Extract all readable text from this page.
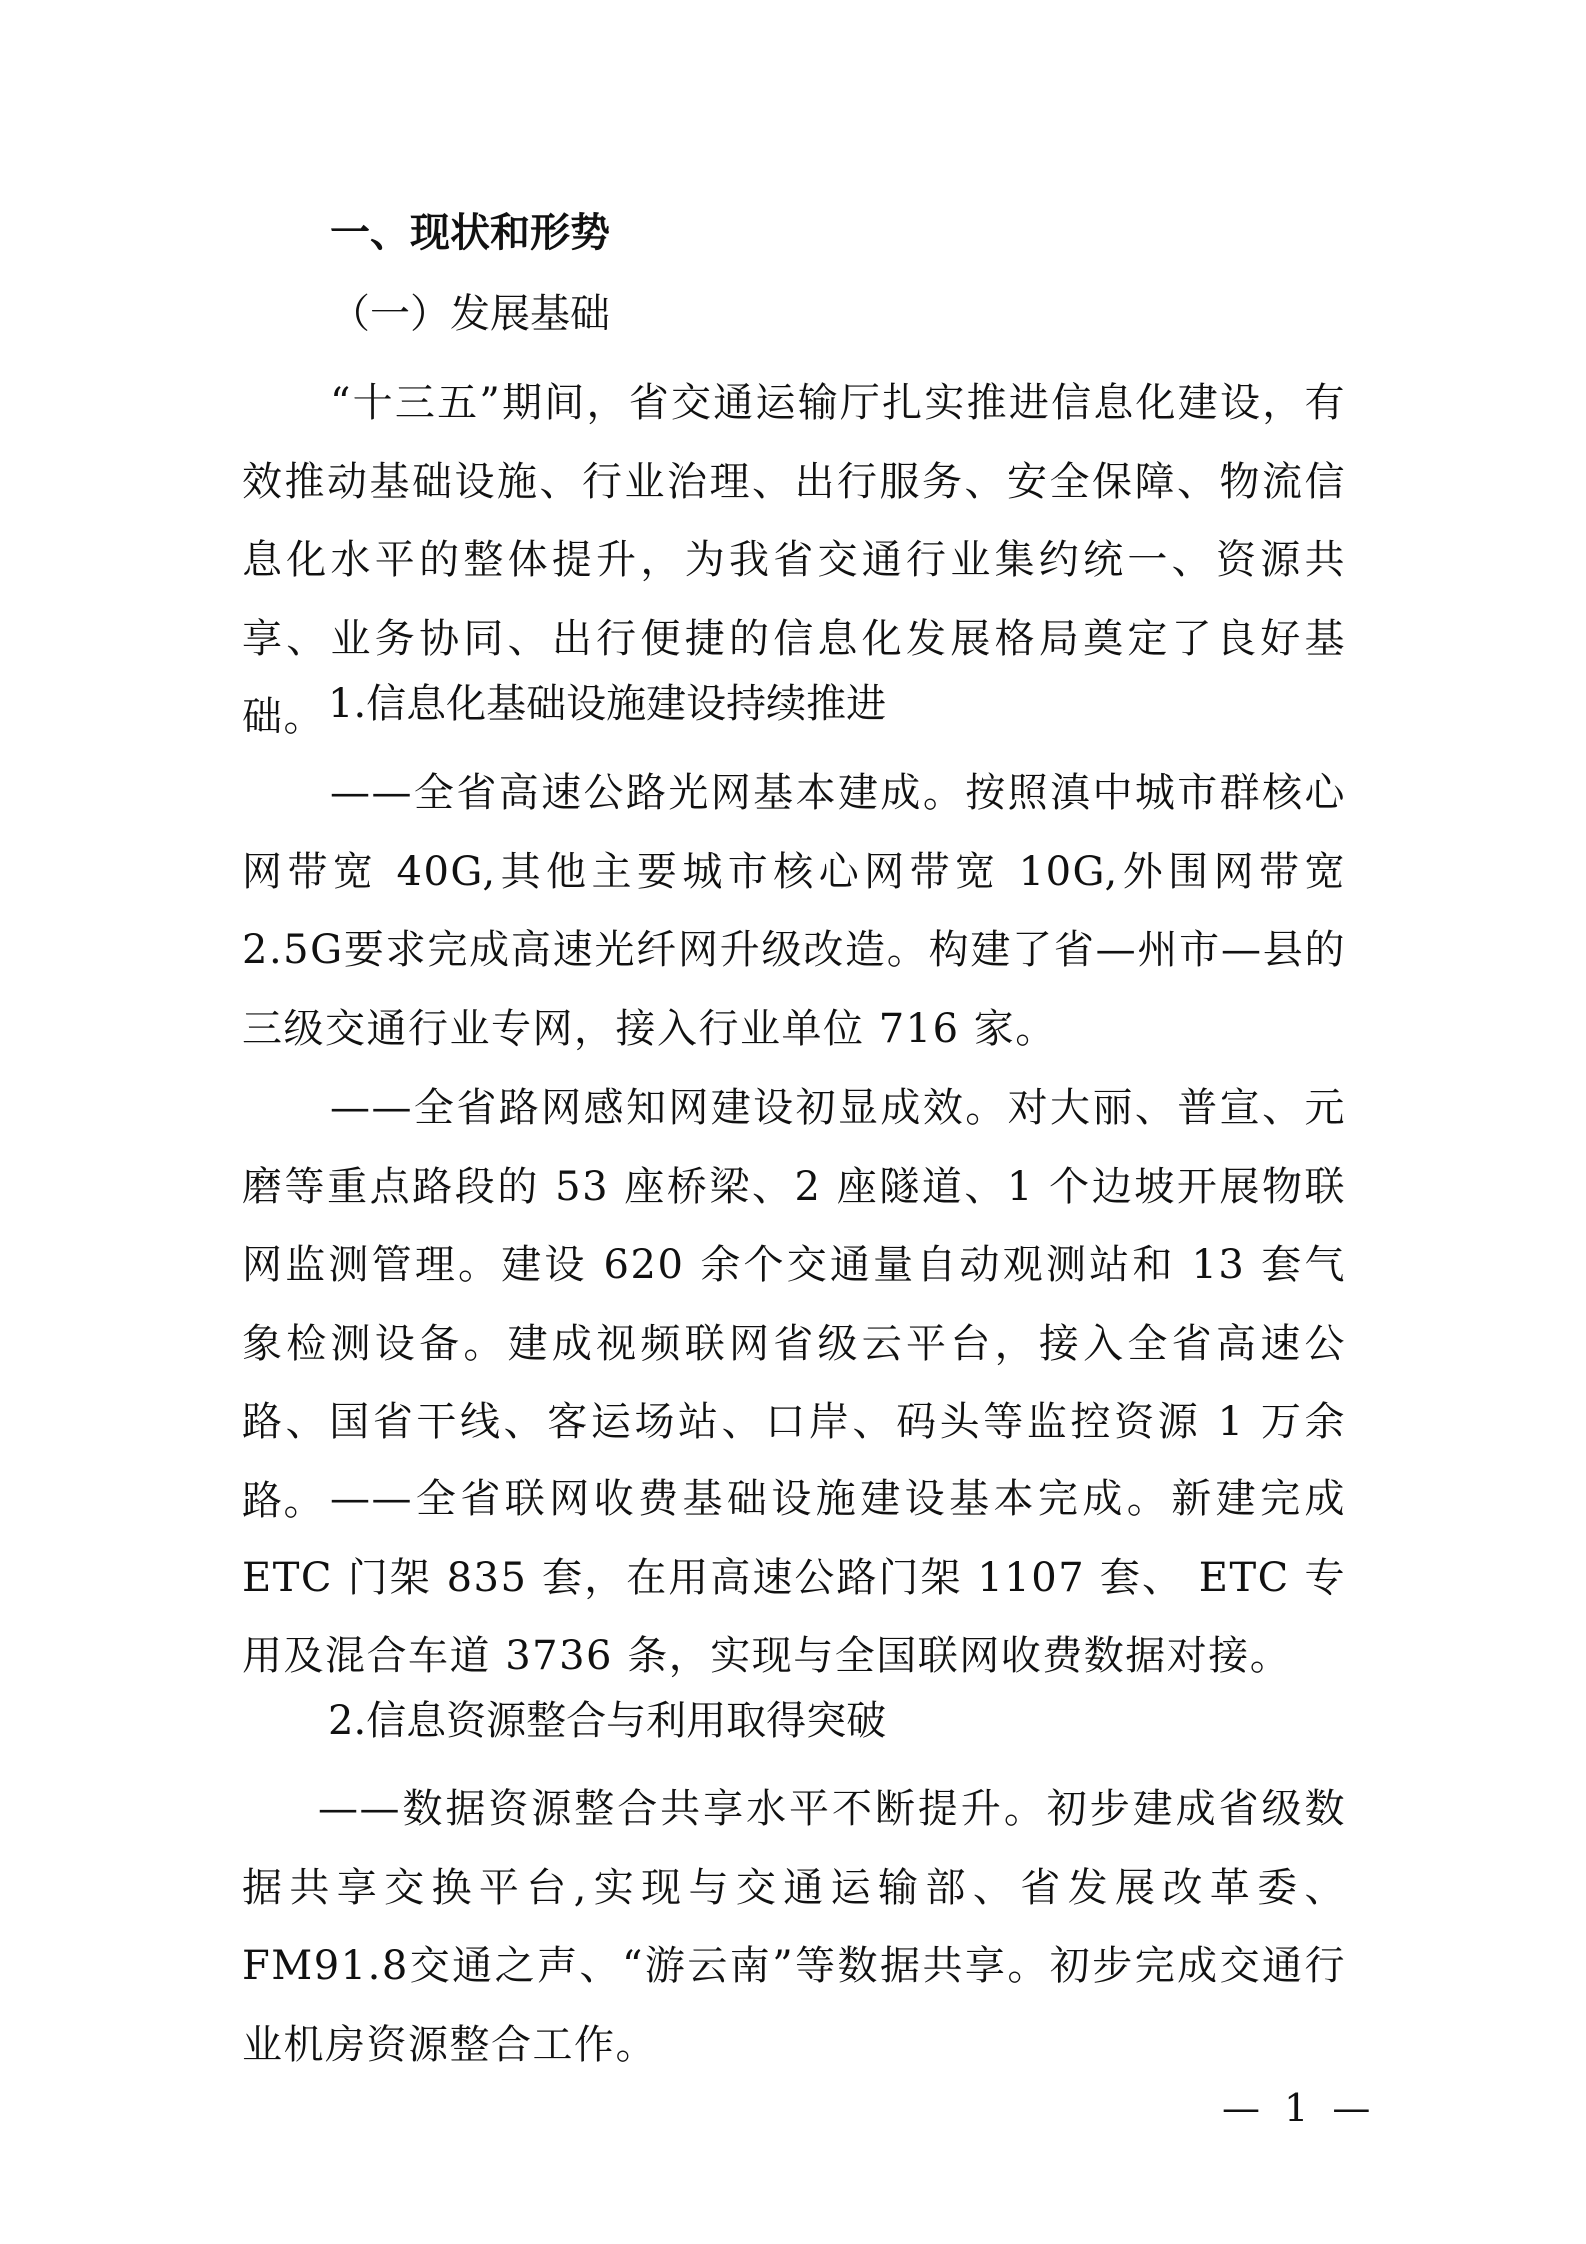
一、现状和形势
（一）发展基础

“十三五”期间，省交通运输厅扎实推进信息化建设，有效推动基础设施、行业治理、出行服务、安全保障、物流信息化水平的整体提升，为我省交通行业集约统一、资源共享、业务协同、出行便捷的信息化发展格局奠定了良好基础。 1.信息化基础设施建设持续推进

——全省高速公路光网基本建成。按照滇中城市群核心网带宽 40G,其他主要城市核心网带宽 10G,外围网带宽 2.5G要求完成高速光纤网升级改造。构建了省—州市—县的三级交通行业专网，接入行业单位 716 家。

——全省路网感知网建设初显成效。对大丽、普宣、元磨等重点路段的 53 座桥梁、2 座隧道、1 个边坡开展物联网监测管理。建设 620 余个交通量自动观测站和 13 套气象检测设备。建成视频联网省级云平台，接入全省高速公路、国省干线、客运场站、口岸、码头等监控资源 1 万余路。 ——全省联网收费基础设施建设基本完成。新建完成ETC 门架 835 套，在用高速公路门架 1107 套、 ETC 专用及混合车道 3736 条，实现与全国联网收费数据对接。

2.信息资源整合与利用取得突破

——数据资源整合共享水平不断提升。初步建成省级数据共享交换平台,实现与交通运输部、省发展改革委、FM91.8交通之声、“游云南”等数据共享。初步完成交通行业机房资源整合工作。

— 1 —
